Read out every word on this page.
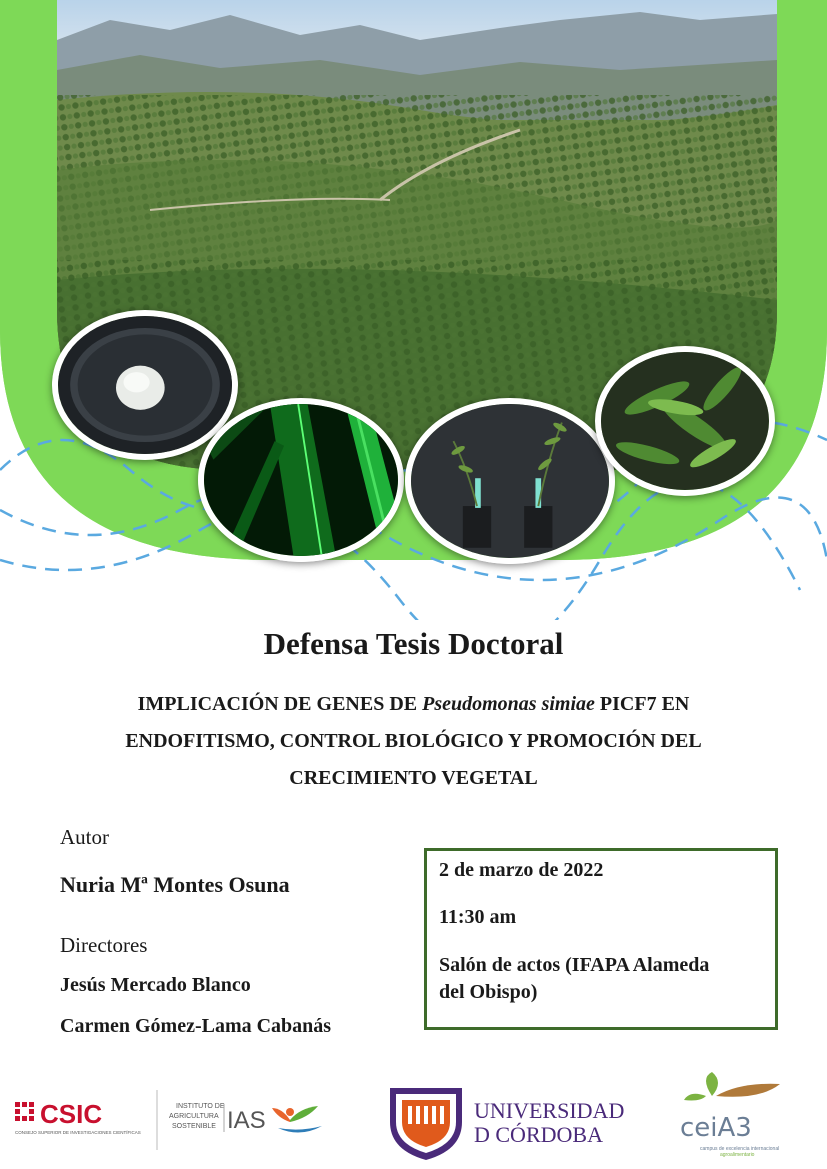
Defensa Tesis Doctoral
IMPLICACIÓN DE GENES DE Pseudomonas simiae PICF7 EN
ENDOFITISMO, CONTROL BIOLÓGICO Y PROMOCIÓN DEL
CRECIMIENTO VEGETAL
Autor
Nuria Mª Montes Osuna
Directores
Jesús Mercado Blanco
Carmen Gómez-Lama Cabanás
2 de marzo de 2022
11:30 am
Salón de actos (IFAPA Alameda
del Obispo)
CSIC
CONSEJO SUPERIOR DE INVESTIGACIONES CIENTÍFICAS
INSTITUTO DE
AGRICULTURA
SOSTENIBLE IAS	UNIVERSIDAD
D CÓRDOBA	ceiA3
campus de excelencia internacional
agroalimentario
